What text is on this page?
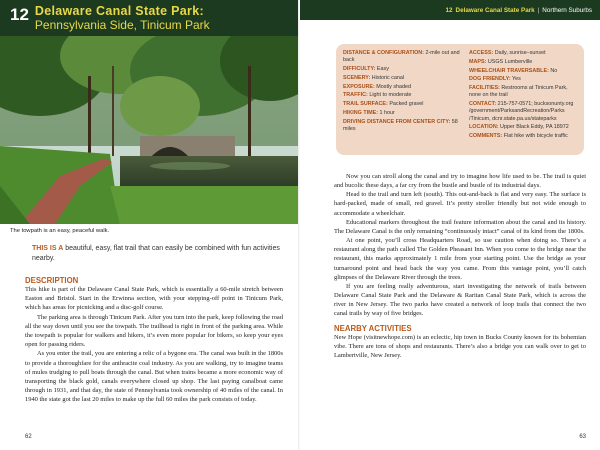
12 Delaware Canal State Park:
Pennsylvania Side, Tinicum Park
The towpath is an easy, peaceful walk.
THIS IS A beautiful, easy, flat trail that can easily be combined with fun activities nearby.
DESCRIPTION

This hike is part of the Delaware Canal State Park, which is essentially a 60-mile stretch between Easton and Bristol. Start in the Erwinna section, with your stepping-off point in Tinicum Park, which has areas for picnicking and a disc-golf course.

The parking area is through Tinicum Park. After you turn into the park, keep following the road all the way down until you see the towpath. The trailhead is right in front of the parking area. While the towpath is popular for walkers and hikers, it’s even more popular for bikers, so keep your eyes open for passing riders.

As you enter the trail, you are entering a relic of a bygone era. The canal was built in the 1800s to provide a thoroughfare for the anthracite coal industry. As you are walking, try to imagine teams of mules trudging to pull boats through the canal. But when trains became a more economic way of transporting the black gold, canals everywhere closed up shop. The last paying canalboat came through in 1931, and that day, the state of Pennsylvania took ownership of 40 miles of the canal. In 1940 the state got the last 20 miles to make up the full 60 miles the park consists of today.

62
12 Delaware Canal State Park | Northern Suburbs
DISTANCE & CONFIGURATION: 2-mile out and back
DIFFICULTY: Easy
SCENERY: Historic canal
EXPOSURE: Mostly shaded
TRAFFIC: Light to moderate
TRAIL SURFACE: Packed gravel
HIKING TIME: 1 hour
DRIVING DISTANCE FROM CENTER CITY: 58 miles
ACCESS: Daily, sunrise–sunset
MAPS: USGS Lumberville
WHEELCHAIR TRAVERSABLE: No
DOG FRIENDLY: Yes
FACILITIES: Restrooms at Tinicum Park, none on the trail
CONTACT: 215-757-0571; bucksonunty.org /government/ParksandRecreation/Parks /Tinicum, dcnr.state.pa.us/stateparks
LOCATION: Upper Black Eddy, PA 18972
COMMENTS: Flat hike with bicycle traffic

Now you can stroll along the canal and try to imagine how life used to be. The trail is quiet and bucolic these days, a far cry from the bustle and bustle of its industrial days.

Head to the trail and turn left (south). This out-and-back is flat and very easy. The surface is hard-packed, made of small, red gravel. It’s pretty stroller friendly but not wide enough to accommodate a wheelchair.

Educational markers throughout the trail feature information about the canal and its history. The Delaware Canal is the only remaining “continuously intact” canal of its kind from the 1800s.

At one point, you’ll cross Headquarters Road, so use caution when doing so. There’s a restaurant along the path called The Golden Pheasant Inn. When you come to the bridge near the restaurant, this marks approximately 1 mile from your starting point. Use the bridge as your turnaround point and head back the way you came. From this vantage point, you’ll catch glimpses of the Delaware River through the trees.

If you are feeling really adventurous, start investigating the network of trails between Delaware Canal State Park and the Delaware & Raritan Canal State Park, which is across the river in New Jersey. The two parks have created a network of loop trails that connect the two canal trails by way of five bridges.

NEARBY ACTIVITIES

New Hope (visitnewhope.com) is an eclectic, hip town in Bucks County known for its bohemian vibe. There are tons of shops and restaurants. There’s also a bridge you can walk over to get to Lambertville, New Jersey.

63
